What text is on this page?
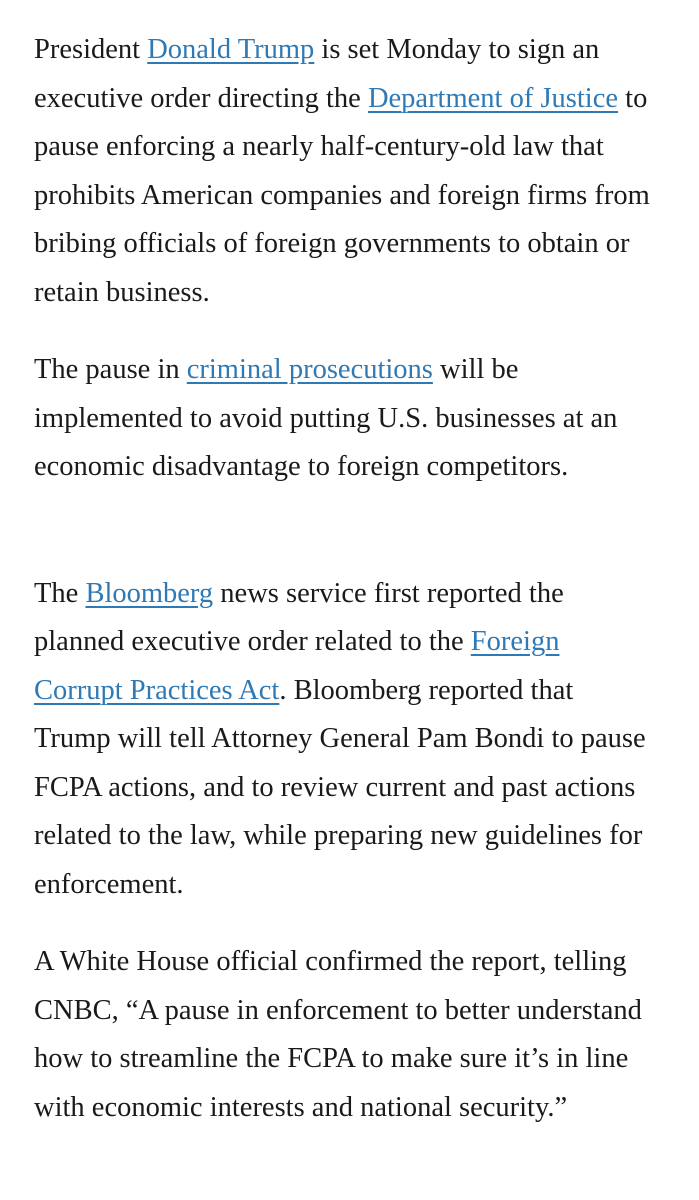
President Donald Trump is set Monday to sign an executive order directing the Department of Justice to pause enforcing a nearly half-century-old law that prohibits American companies and foreign firms from bribing officials of foreign governments to obtain or retain business.

The pause in criminal prosecutions will be implemented to avoid putting U.S. businesses at an economic disadvantage to foreign competitors.

The Bloomberg news service first reported the planned executive order related to the Foreign Corrupt Practices Act. Bloomberg reported that Trump will tell Attorney General Pam Bondi to pause FCPA actions, and to review current and past actions related to the law, while preparing new guidelines for enforcement.

A White House official confirmed the report, telling CNBC, “A pause in enforcement to better understand how to streamline the FCPA to make sure it’s in line with economic interests and national security.”
